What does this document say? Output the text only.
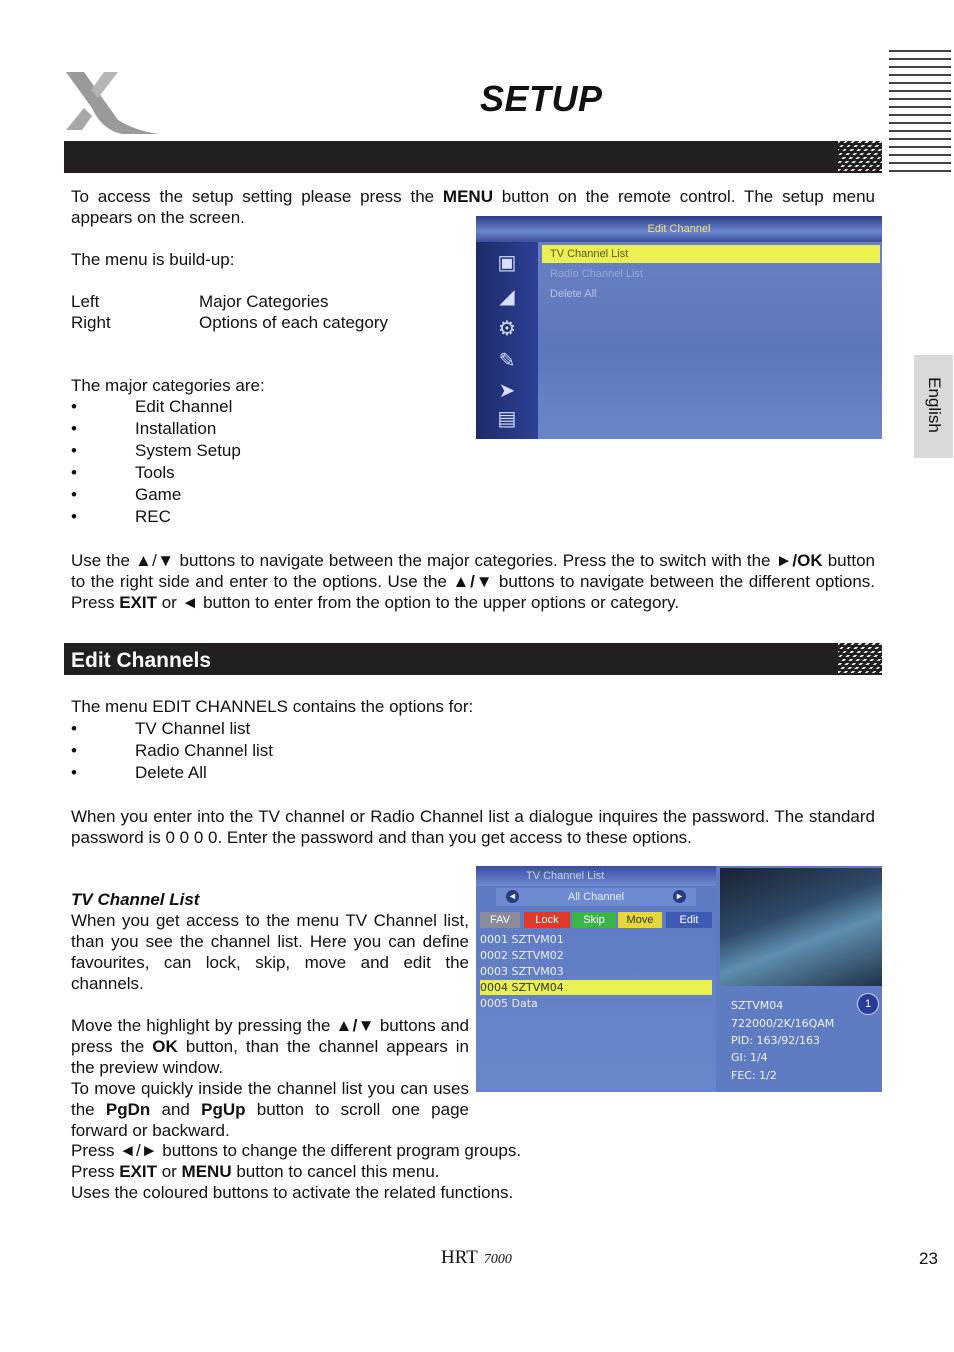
SETUP
English
To access the setup setting please press the MENU button on the remote control. The setup menu appears on the screen.
The menu is build-up:
Left	Major Categories
Right	Options of each category
The major categories are:
• Edit Channel
• Installation
• System Setup
• Tools
• Game
• REC
Edit Channel
▣
◢
⚙
✎
➤
▤
TV Channel List
Radio Channel List
Delete All
Use the ▲/▼ buttons to navigate between the major categories. Press the to switch with the ►/OK button to the right side and enter to the options. Use the ▲/▼ buttons to navigate between the different options. Press EXIT or ◄ button to enter from the option to the upper options or category.
Edit Channels
The menu EDIT CHANNELS contains the options for:
• TV Channel list
• Radio Channel list
• Delete All
When you enter into the TV channel or Radio Channel list a dialogue inquires the password. The standard password is 0 0 0 0. Enter the password and than you get access to these options.
TV Channel List
When you get access to the menu TV Channel list, than you see the channel list. Here you can define favourites, can lock, skip, move and edit the channels.
Move the highlight by pressing the ▲/▼ buttons and press the OK button, than the channel appears in the preview window.
To move quickly inside the channel list you can uses the PgDn and PgUp button to scroll one page forward or backward.
Press ◄/► buttons to change the different program groups.
Press EXIT or MENU button to cancel this menu.
Uses the coloured buttons to activate the related functions.
TV Channel List
◄	All Channel	►
FAV	Lock	Skip	Move	Edit
0001 SZTVM01
0002 SZTVM02
0003 SZTVM03
0004 SZTVM04
0005 Data	1
SZTVM04
722000/2K/16QAM
PID: 163/92/163
GI: 1/4
FEC: 1/2
HRT 7000	23
